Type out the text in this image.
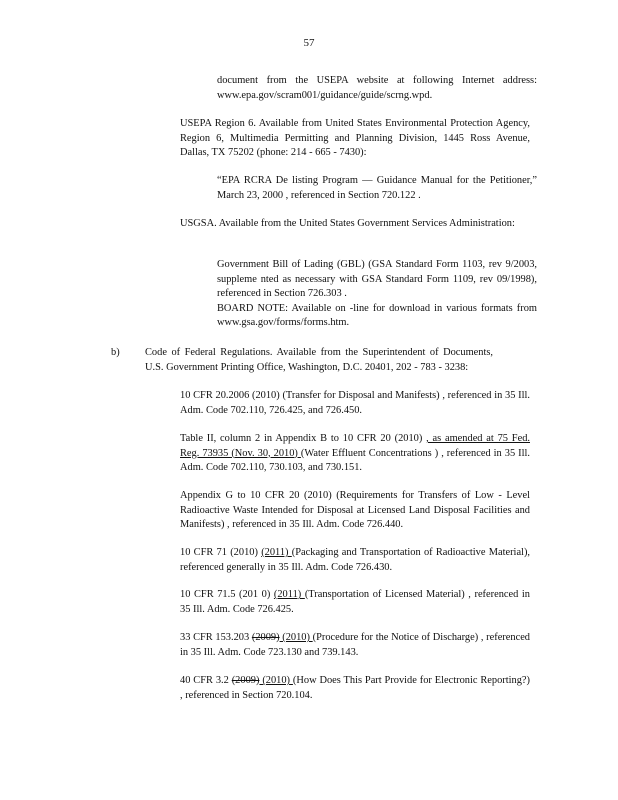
57

document from the USEPA website at following Internet address: www.epa.gov/scram001/guidance/guide/scrng.wpd.

USEPA Region 6. Available from United States Environmental Protection Agency, Region 6, Multimedia Permitting and Planning Division, 1445 Ross Avenue, Dallas, TX 75202 (phone: 214 - 665 - 7430):

“EPA RCRA De listing Program — Guidance Manual for the Petitioner,” March 23, 2000 , referenced in Section 720.122 .

USGSA. Available from the United States Government Services Administration:

Government Bill of Lading (GBL) (GSA Standard Form 1103, rev 9/2003, suppleme nted as necessary with GSA Standard Form 1109, rev 09/1998), referenced in Section 726.303 .

BOARD NOTE: Available on -line for download in various formats from www.gsa.gov/forms/forms.htm.

b) Code of Federal Regulations. Available from the Superintendent of Documents, U.S. Government Printing Office, Washington, D.C. 20401, 202 - 783 - 3238:

10 CFR 20.2006 (2010) (Transfer for Disposal and Manifests) , referenced in 35 Ill. Adm. Code 702.110, 726.425, and 726.450.

Table II, column 2 in Appendix B to 10 CFR 20 (2010) , as amended at 75 Fed. Reg. 73935 (Nov. 30, 2010) (Water Effluent Concentrations ) , referenced in 35 Ill. Adm. Code 702.110, 730.103, and 730.151.

Appendix G to 10 CFR 20 (2010) (Requirements for Transfers of Low - Level Radioactive Waste Intended for Disposal at Licensed Land Disposal Facilities and Manifests) , referenced in 35 Ill. Adm. Code 726.440.

10 CFR 71 (2010) (2011) (Packaging and Transportation of Radioactive Material), referenced generally in 35 Ill. Adm. Code 726.430.

10 CFR 71.5 (201 0) (2011) (Transportation of Licensed Material) , referenced in 35 Ill. Adm. Code 726.425.

33 CFR 153.203 (2009) (2010) (Procedure for the Notice of Discharge) , referenced in 35 Ill. Adm. Code 723.130 and 739.143.

40 CFR 3.2 (2009) (2010) (How Does This Part Provide for Electronic Reporting?) , referenced in Section 720.104.
